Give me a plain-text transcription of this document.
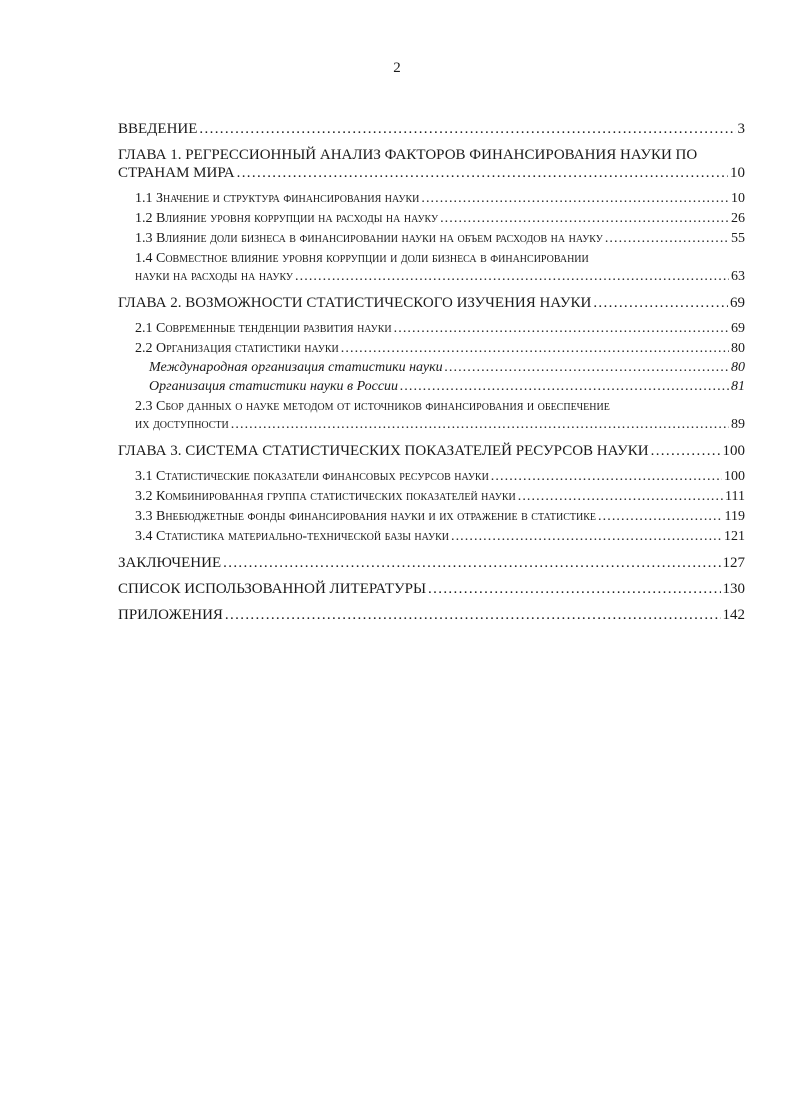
2
ВВЕДЕНИЕ . . .	3
ГЛАВА 1. РЕГРЕССИОННЫЙ АНАЛИЗ ФАКТОРОВ ФИНАНСИРОВАНИЯ НАУКИ ПО
СТРАНАМ МИРА . . .	10
1.1 Значение и структура финансирования науки . . .	10
1.2 Влияние уровня коррупции на расходы на науку . . .	26
1.3 Влияние доли бизнеса в финансировании науки на объем расходов на науку . . .	55
1.4 Совместное влияние уровня коррупции и доли бизнеса в финансировании
науки на расходы на науку . . .	63
ГЛАВА 2. ВОЗМОЖНОСТИ СТАТИСТИЧЕСКОГО ИЗУЧЕНИЯ НАУКИ . . .	69
2.1 Современные тенденции развития науки . . .	69
2.2 Организация статистики науки . . .	80
Международная организация статистики науки . . .	80
Организация статистики науки в России . . .	81
2.3 Сбор данных о науке методом от источников финансирования и обеспечение
их доступности . . .	89
ГЛАВА 3. СИСТЕМА СТАТИСТИЧЕСКИХ ПОКАЗАТЕЛЕЙ РЕСУРСОВ НАУКИ . . .	100
3.1 Статистические показатели финансовых ресурсов науки . . .	100
3.2 Комбинированная группа статистических показателей науки . . .	111
3.3 Внебюджетные фонды финансирования науки и их отражение в статистике . . .	119
3.4 Статистика материально-технической базы науки . . .	121
ЗАКЛЮЧЕНИЕ . . .	127
СПИСОК ИСПОЛЬЗОВАННОЙ ЛИТЕРАТУРЫ . . .	130
ПРИЛОЖЕНИЯ . . .	142
